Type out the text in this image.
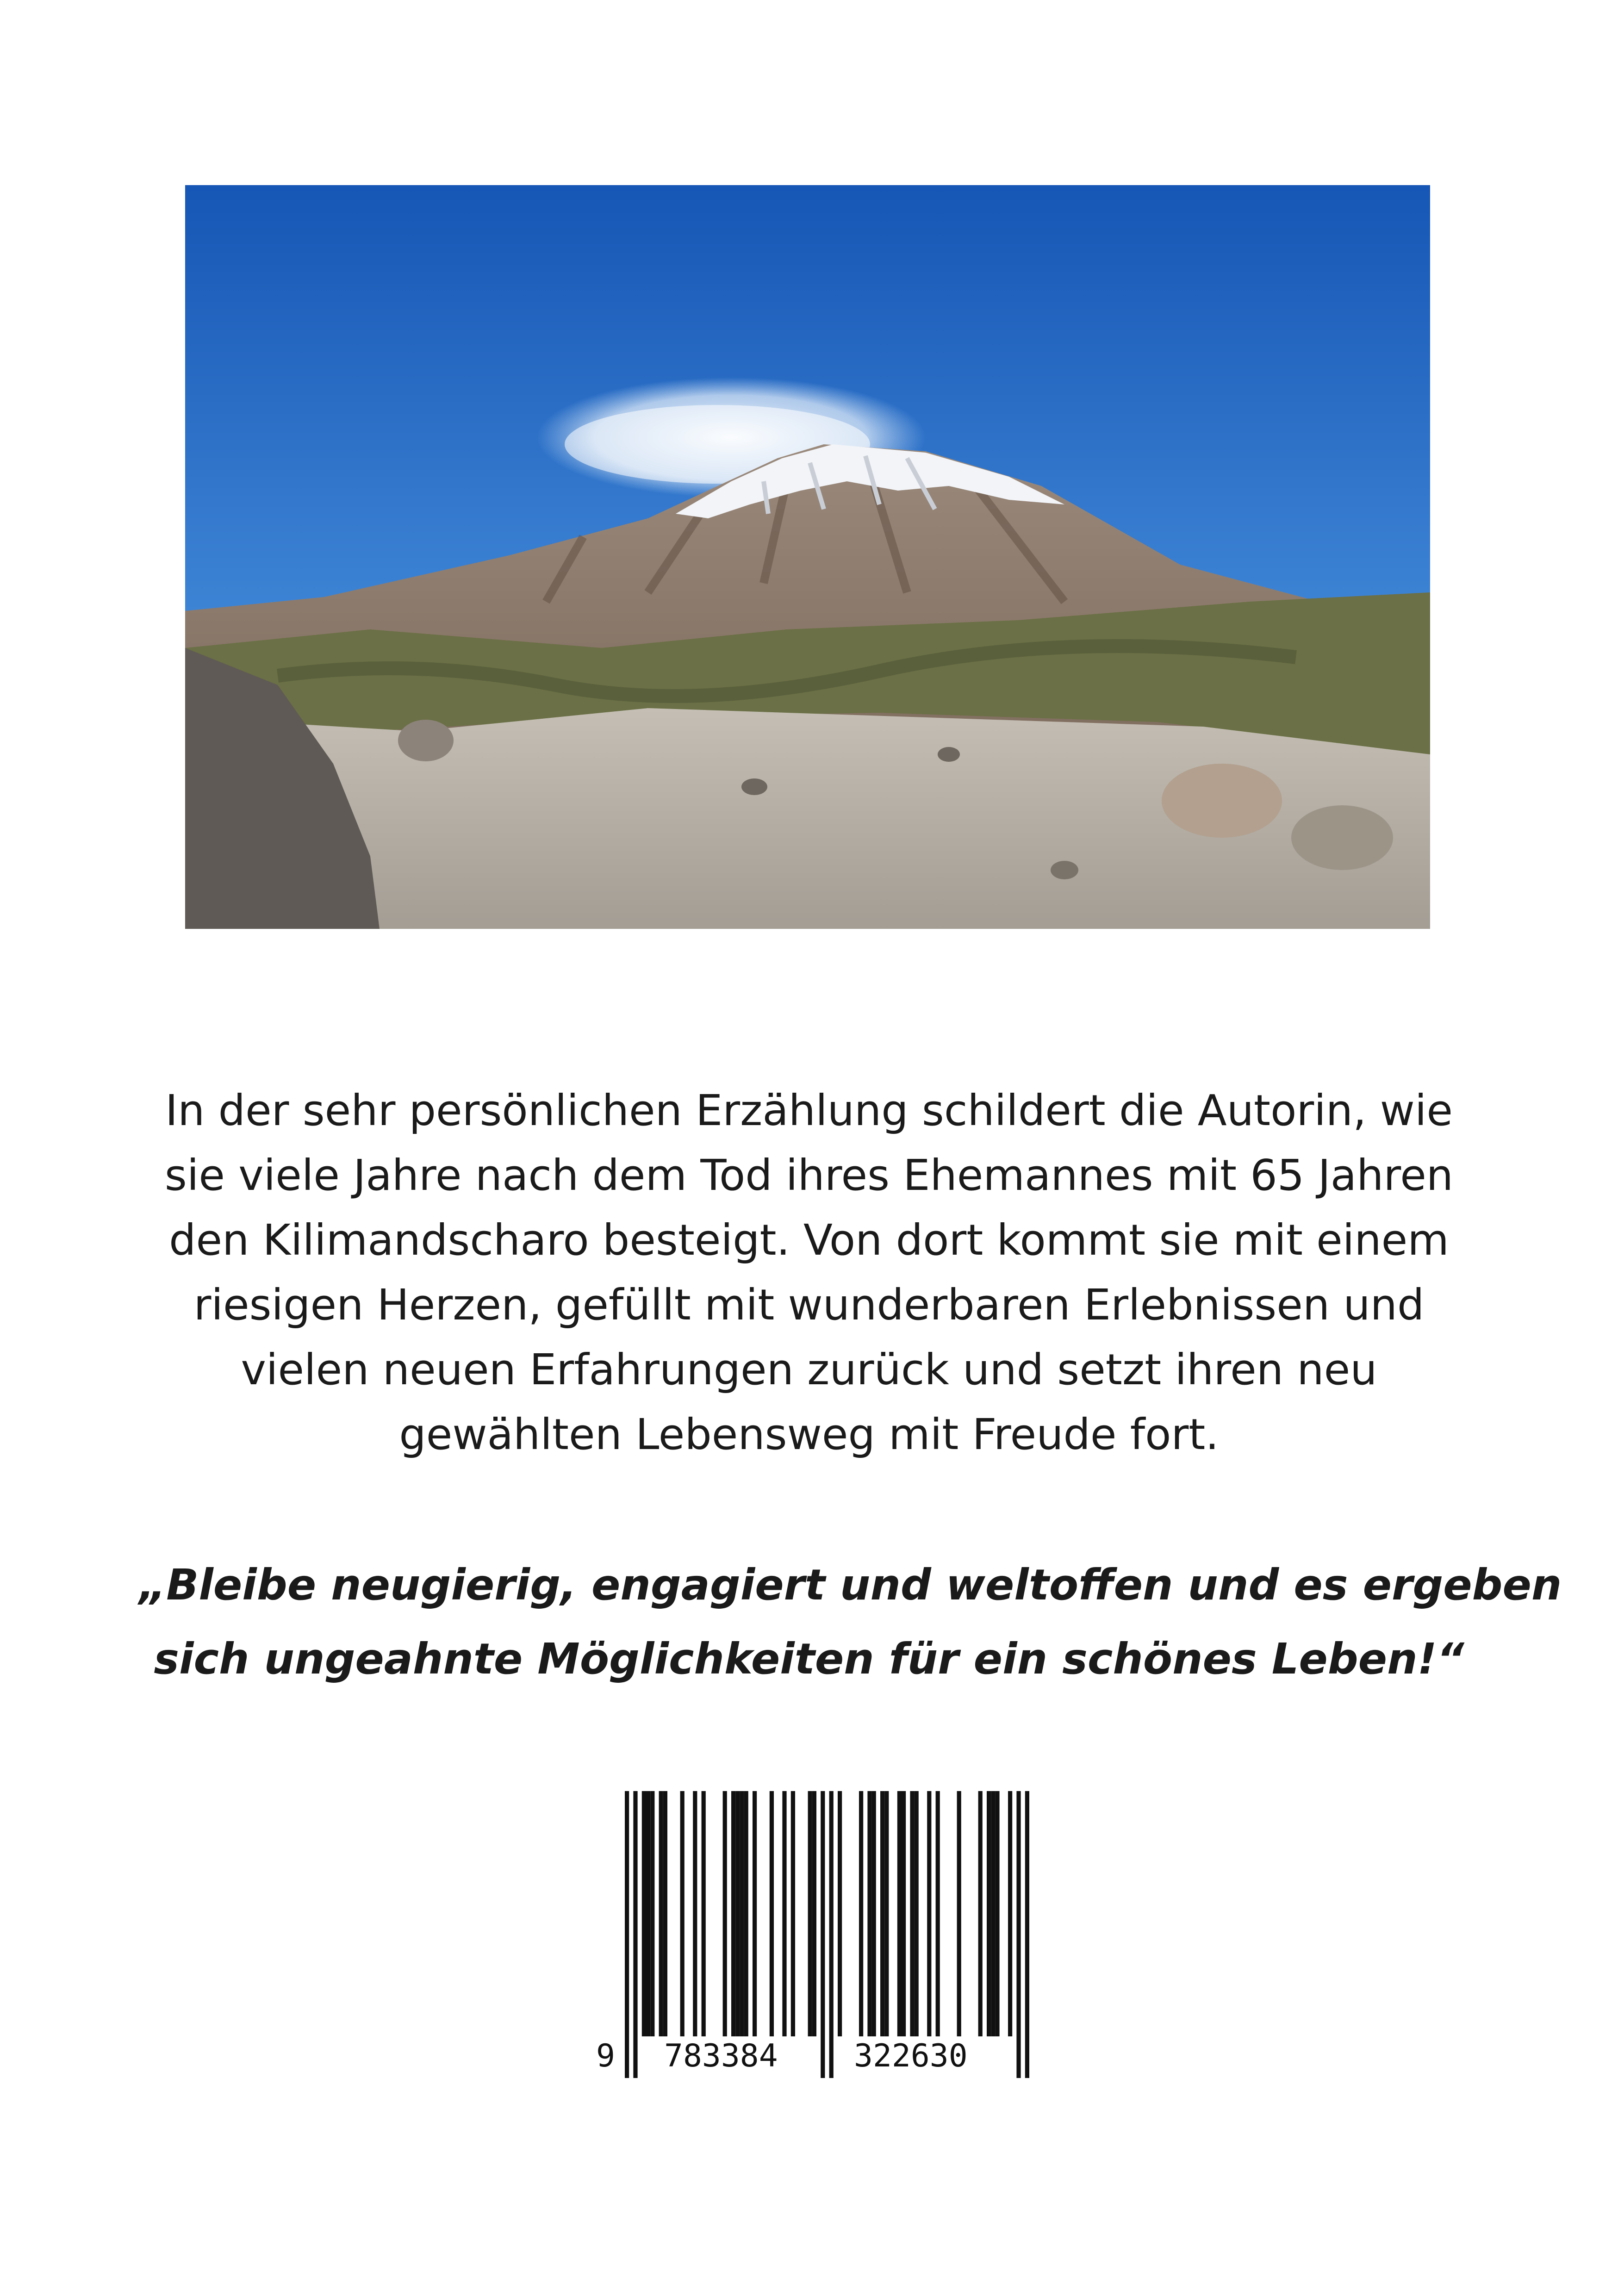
In der sehr persönlichen Erzählung schildert die Autorin, wie
sie viele Jahre nach dem Tod ihres Ehemannes mit 65 Jahren
den Kilimandscharo besteigt. Von dort kommt sie mit einem
riesigen Herzen, gefüllt mit wunderbaren Erlebnissen und
vielen neuen Erfahrungen zurück und setzt ihren neu
gewählten Lebensweg mit Freude fort.

„Bleibe neugierig, engagiert und weltoffen und es ergeben
sich ungeahnte Möglichkeiten für ein schönes Leben!“

9 783384 322630
